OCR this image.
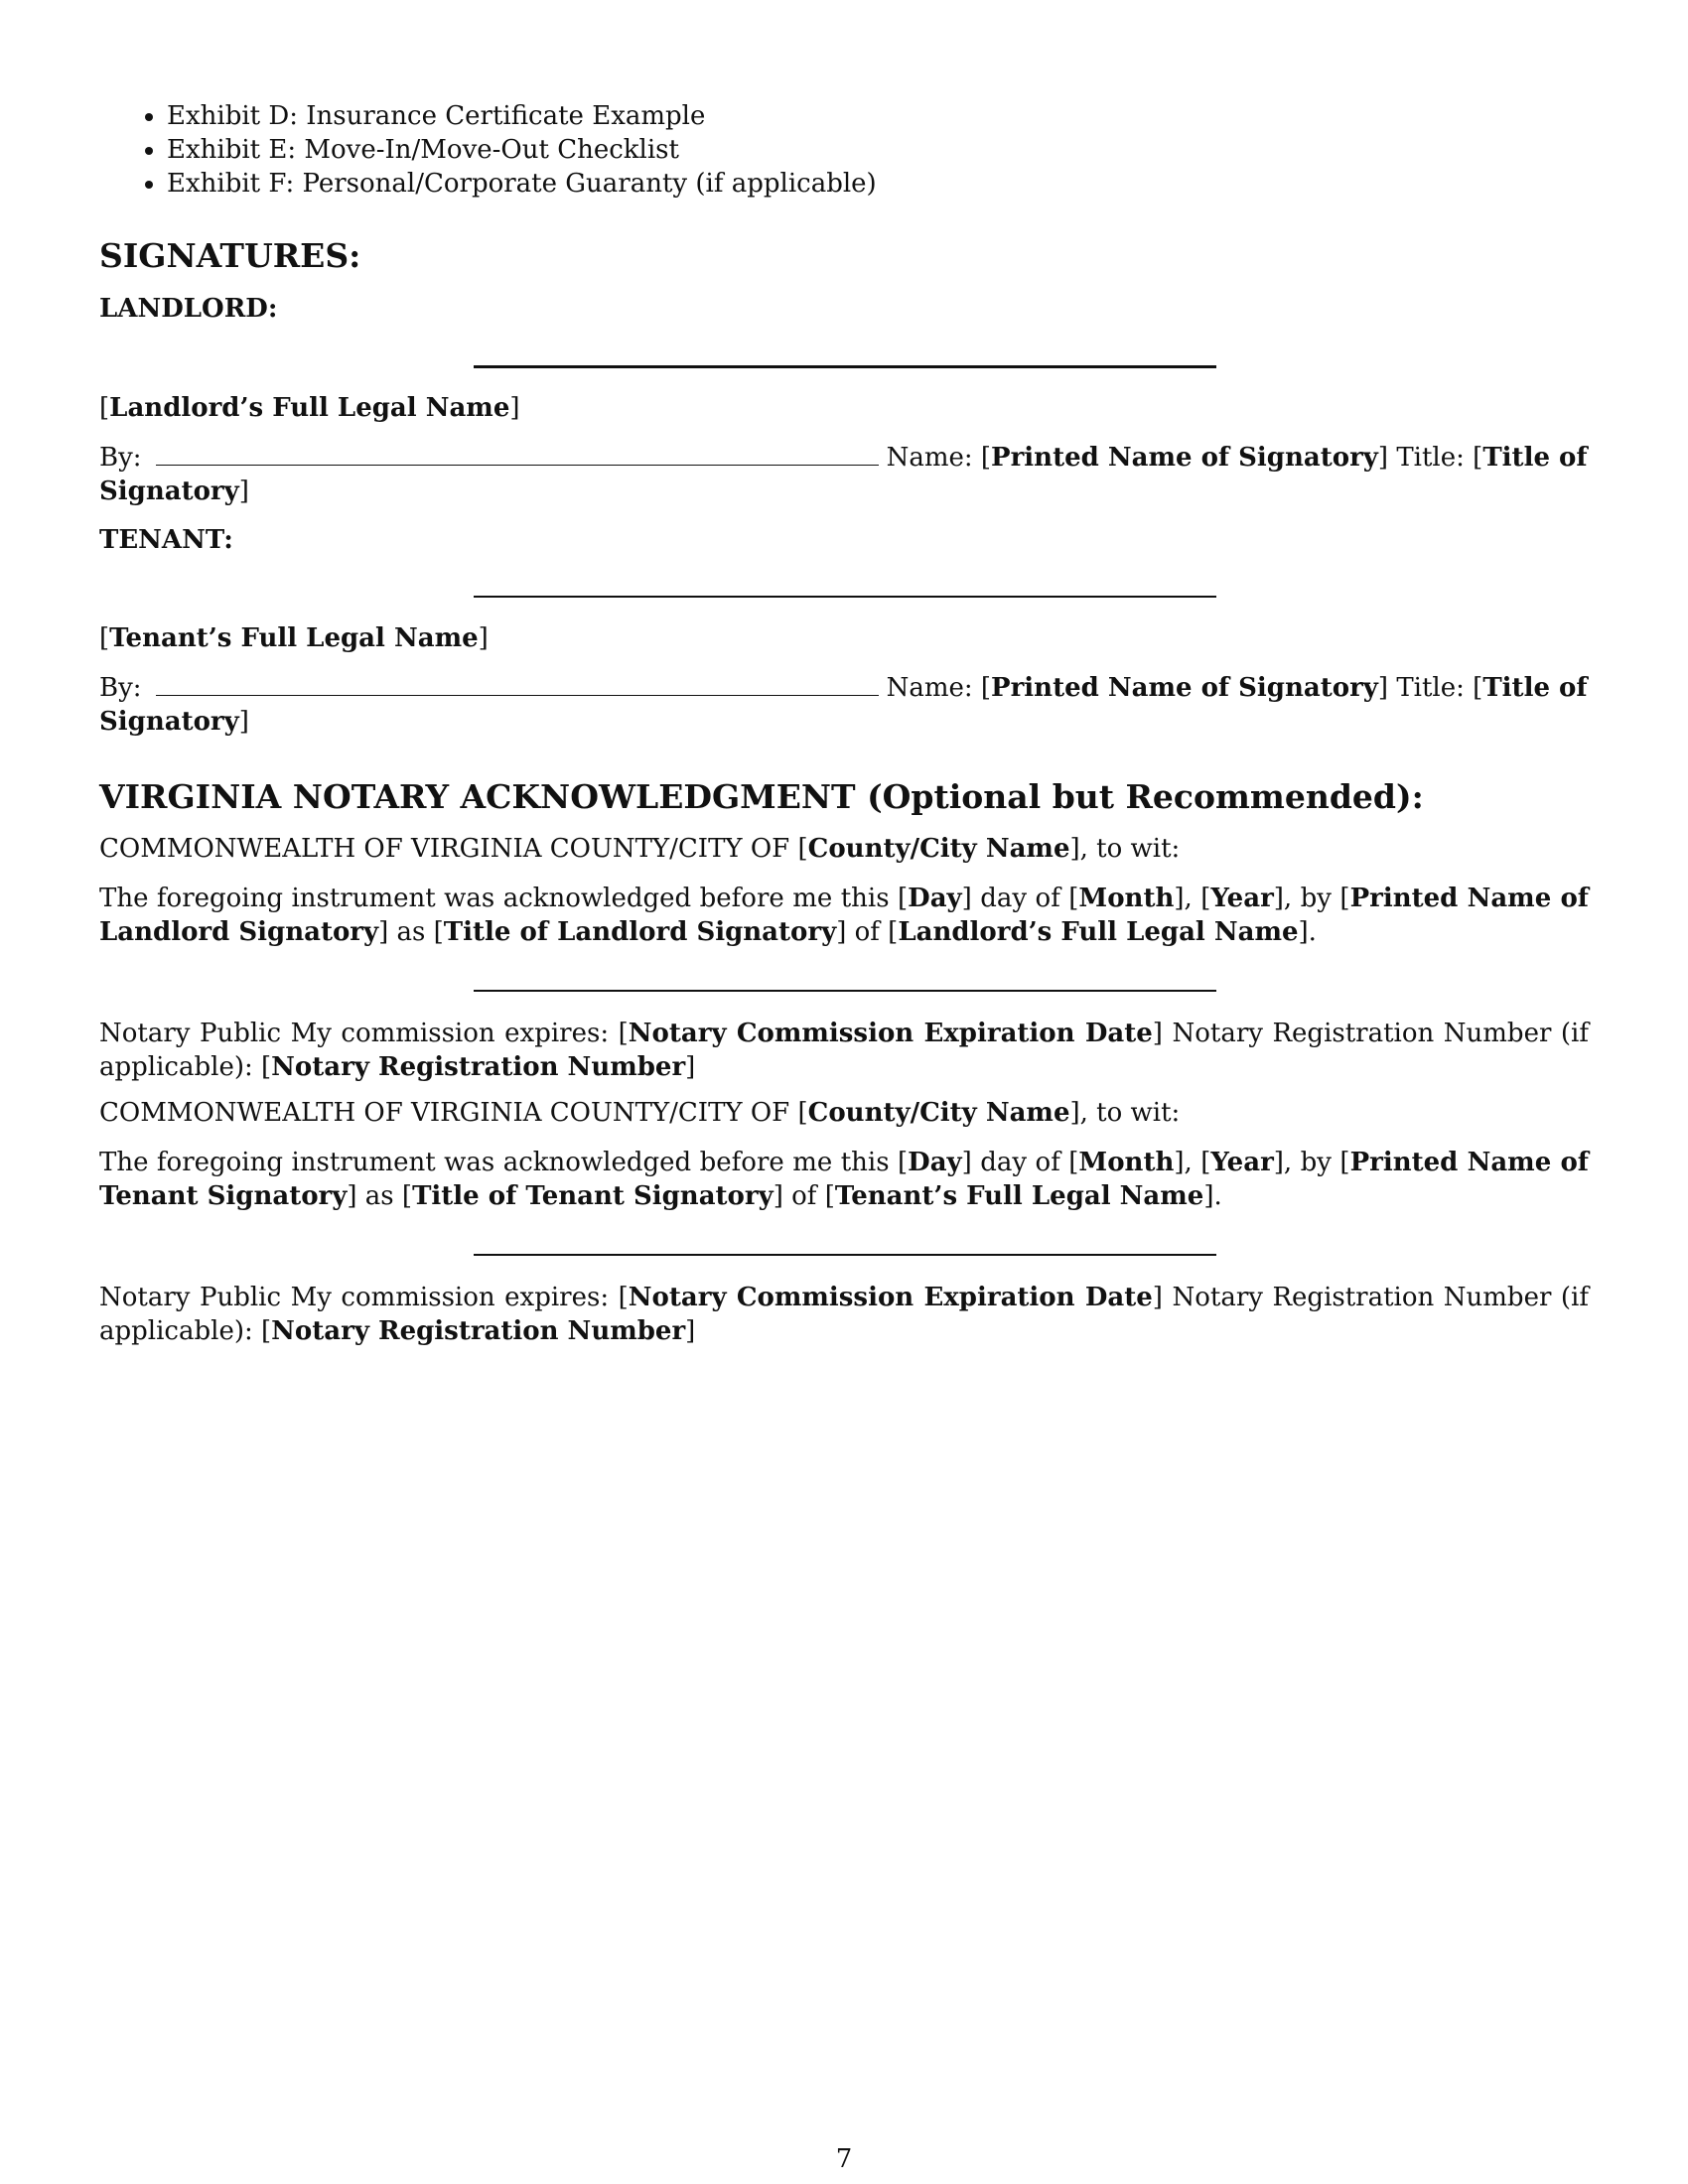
• Exhibit D: Insurance Certificate Example
• Exhibit E: Move-In/Move-Out Checklist
• Exhibit F: Personal/Corporate Guaranty (if applicable)
SIGNATURES:
LANDLORD:
[Landlord’s Full Legal Name]
By:	Name: [Printed Name of Signatory] Title: [Title of Signatory]
TENANT:
[Tenant’s Full Legal Name]
By:	Name: [Printed Name of Signatory] Title: [Title of Signatory]
VIRGINIA NOTARY ACKNOWLEDGMENT (Optional but Recommended):
COMMONWEALTH OF VIRGINIA COUNTY/CITY OF [County/City Name], to wit:
The foregoing instrument was acknowledged before me this [Day] day of [Month], [Year], by [Printed Name of Landlord Signatory] as [Title of Landlord Signatory] of [Landlord’s Full Legal Name].
Notary Public My commission expires: [Notary Commission Expiration Date] Notary Registration Number (if applicable): [Notary Registration Number]
COMMONWEALTH OF VIRGINIA COUNTY/CITY OF [County/City Name], to wit:
The foregoing instrument was acknowledged before me this [Day] day of [Month], [Year], by [Printed Name of Tenant Signatory] as [Title of Tenant Signatory] of [Tenant’s Full Legal Name].
Notary Public My commission expires: [Notary Commission Expiration Date] Notary Registration Number (if applicable): [Notary Registration Number]
7
